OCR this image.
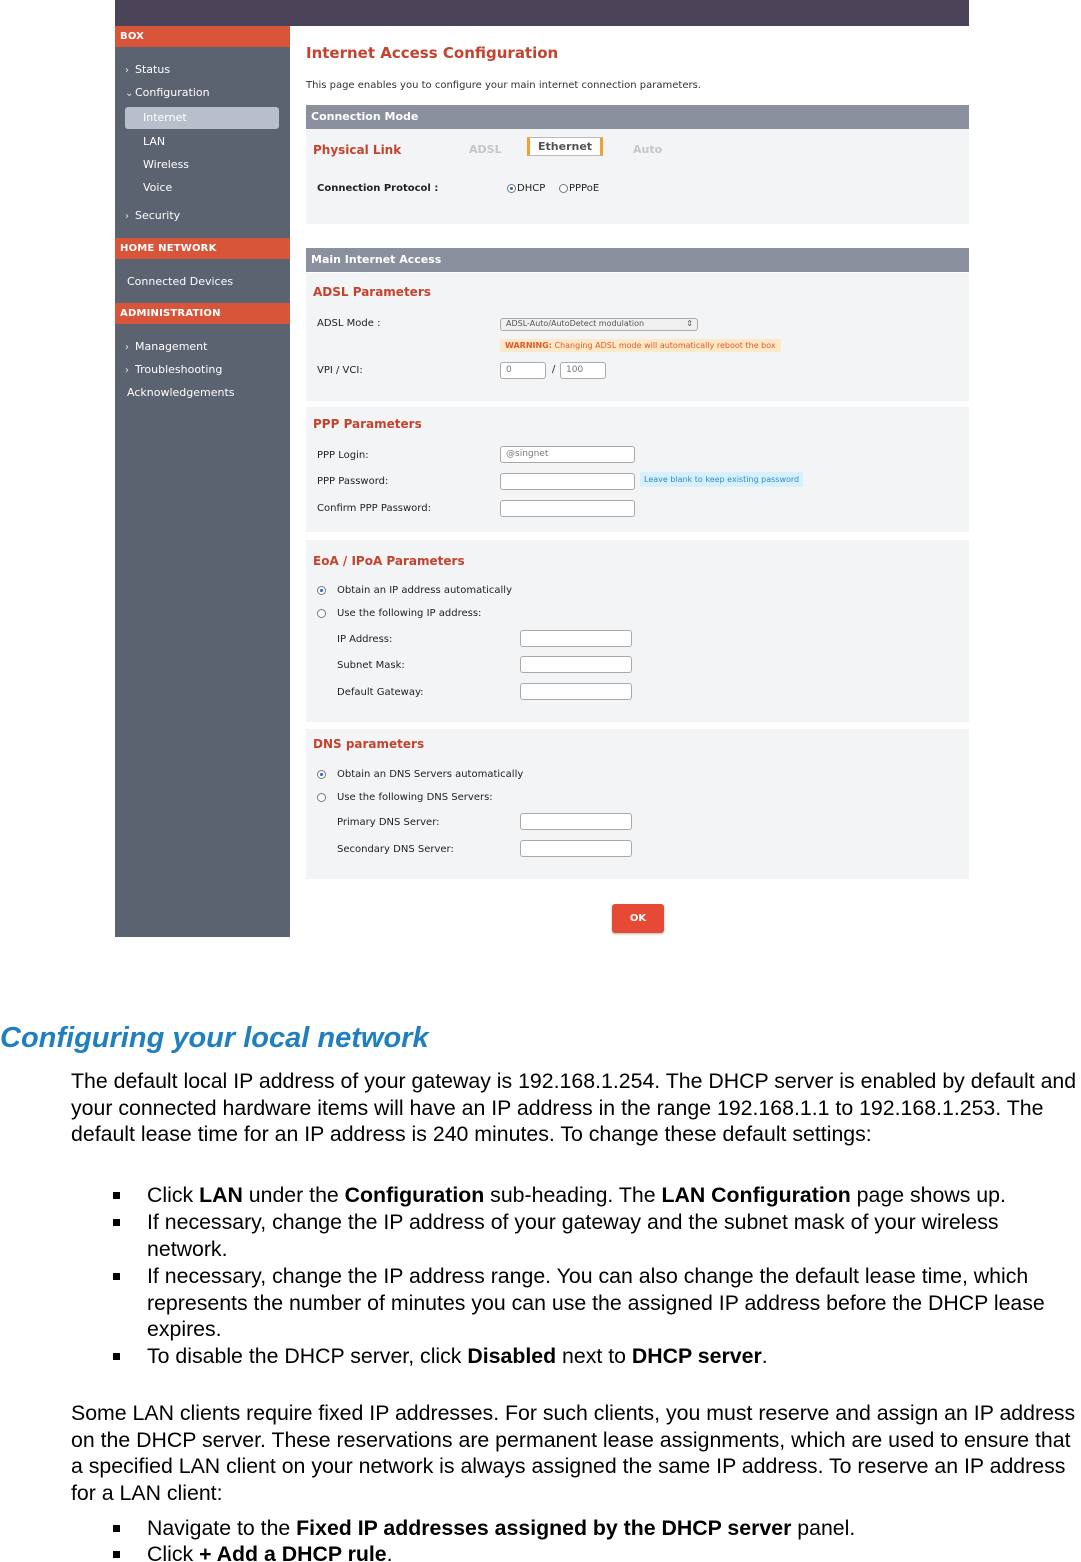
BOX
› Status
⌄ Configuration
Internet
LAN
Wireless
Voice
› Security
HOME NETWORK
Connected Devices
ADMINISTRATION
› Management
› Troubleshooting
Acknowledgements
Internet Access Configuration
This page enables you to configure your main internet connection parameters.
Connection Mode
Physical Link	ADSL	Ethernet	Auto
Connection Protocol :	DHCP PPPoE
Main Internet Access
ADSL Parameters
ADSL Mode :	ADSL-Auto/AutoDetect modulation	⇕
WARNING: Changing ADSL mode will automatically reboot the box
VPI / VCI:	0	/	100
PPP Parameters
PPP Login:	@singnet
PPP Password:	Leave blank to keep existing password
Confirm PPP Password:
EoA / IPoA Parameters
Obtain an IP address automatically
Use the following IP address:
IP Address:
Subnet Mask:
Default Gateway:
DNS parameters
Obtain an DNS Servers automatically
Use the following DNS Servers:
Primary DNS Server:
Secondary DNS Server:
OK
Configuring your local network
The default local IP address of your gateway is 192.168.1.254. The DHCP server is enabled by default and your connected hardware items will have an IP address in the range 192.168.1.1 to 192.168.1.253. The default lease time for an IP address is 240 minutes. To change these default settings:
Click LAN under the Configuration sub-heading. The LAN Configuration page shows up.
If necessary, change the IP address of your gateway and the subnet mask of your wireless network.
If necessary, change the IP address range. You can also change the default lease time, which represents the number of minutes you can use the assigned IP address before the DHCP lease expires.
To disable the DHCP server, click Disabled next to DHCP server.
Some LAN clients require fixed IP addresses. For such clients, you must reserve and assign an IP address on the DHCP server. These reservations are permanent lease assignments, which are used to ensure that a specified LAN client on your network is always assigned the same IP address. To reserve an IP address for a LAN client:
Navigate to the Fixed IP addresses assigned by the DHCP server panel.
Click + Add a DHCP rule.
